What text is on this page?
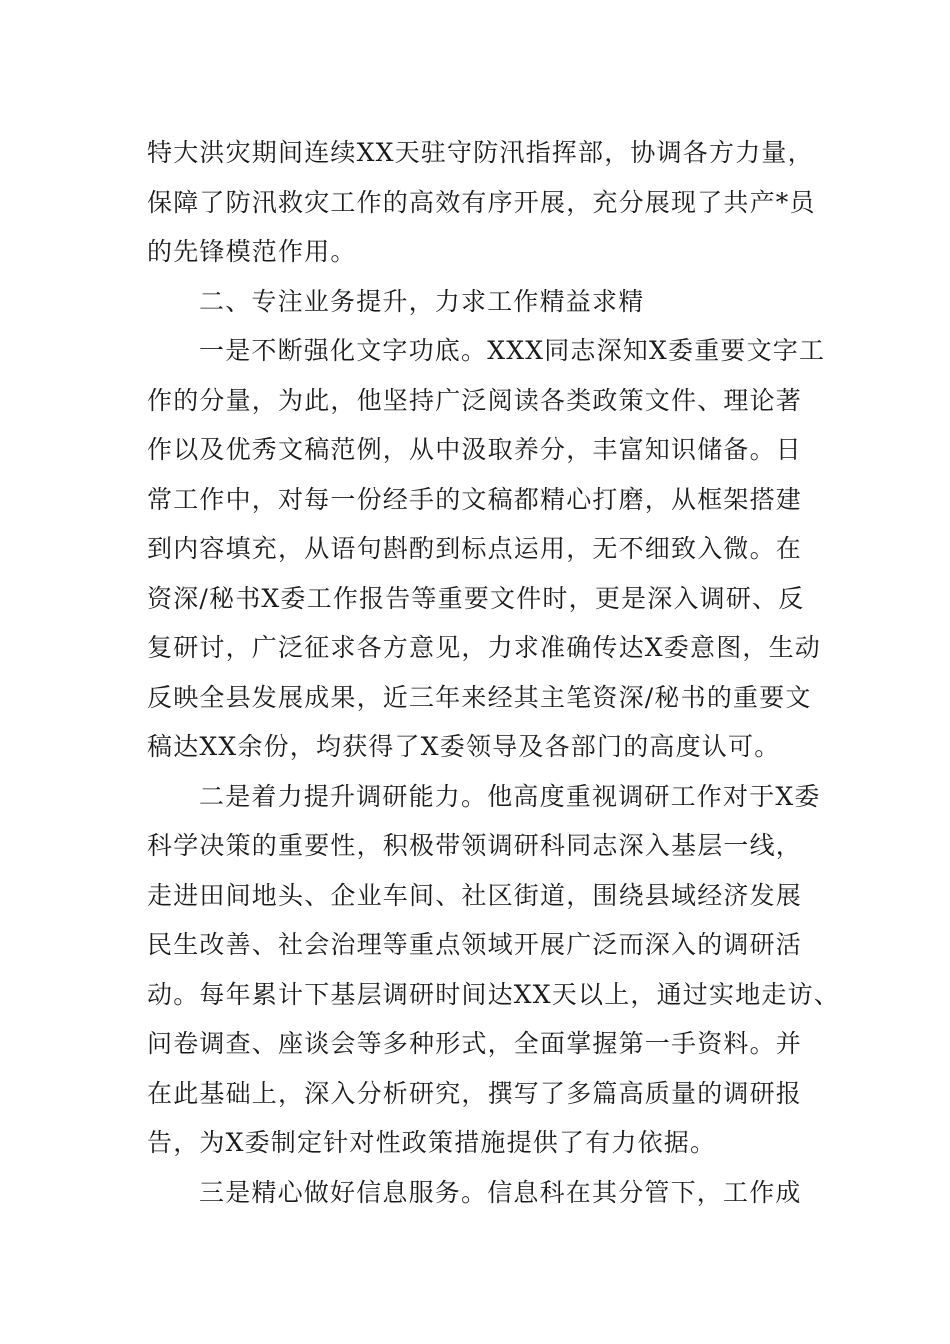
特大洪灾期间连续XX天驻守防汛指挥部，协调各方力量，
保障了防汛救灾工作的高效有序开展，充分展现了共产*员
的先锋模范作用。
二、专注业务提升，力求工作精益求精
一是不断强化文字功底。XXX同志深知X委重要文字工
作的分量，为此，他坚持广泛阅读各类政策文件、理论著
作以及优秀文稿范例，从中汲取养分，丰富知识储备。日
常工作中，对每一份经手的文稿都精心打磨，从框架搭建
到内容填充，从语句斟酌到标点运用，无不细致入微。在
资深/秘书X委工作报告等重要文件时，更是深入调研、反
复研讨，广泛征求各方意见，力求准确传达X委意图，生动
反映全县发展成果，近三年来经其主笔资深/秘书的重要文
稿达XX余份，均获得了X委领导及各部门的高度认可。
二是着力提升调研能力。他高度重视调研工作对于X委
科学决策的重要性，积极带领调研科同志深入基层一线，
走进田间地头、企业车间、社区街道，围绕县域经济发展
民生改善、社会治理等重点领域开展广泛而深入的调研活
动。每年累计下基层调研时间达XX天以上，通过实地走访、
问卷调查、座谈会等多种形式，全面掌握第一手资料。并
在此基础上，深入分析研究，撰写了多篇高质量的调研报
告，为X委制定针对性政策措施提供了有力依据。
三是精心做好信息服务。信息科在其分管下，工作成
